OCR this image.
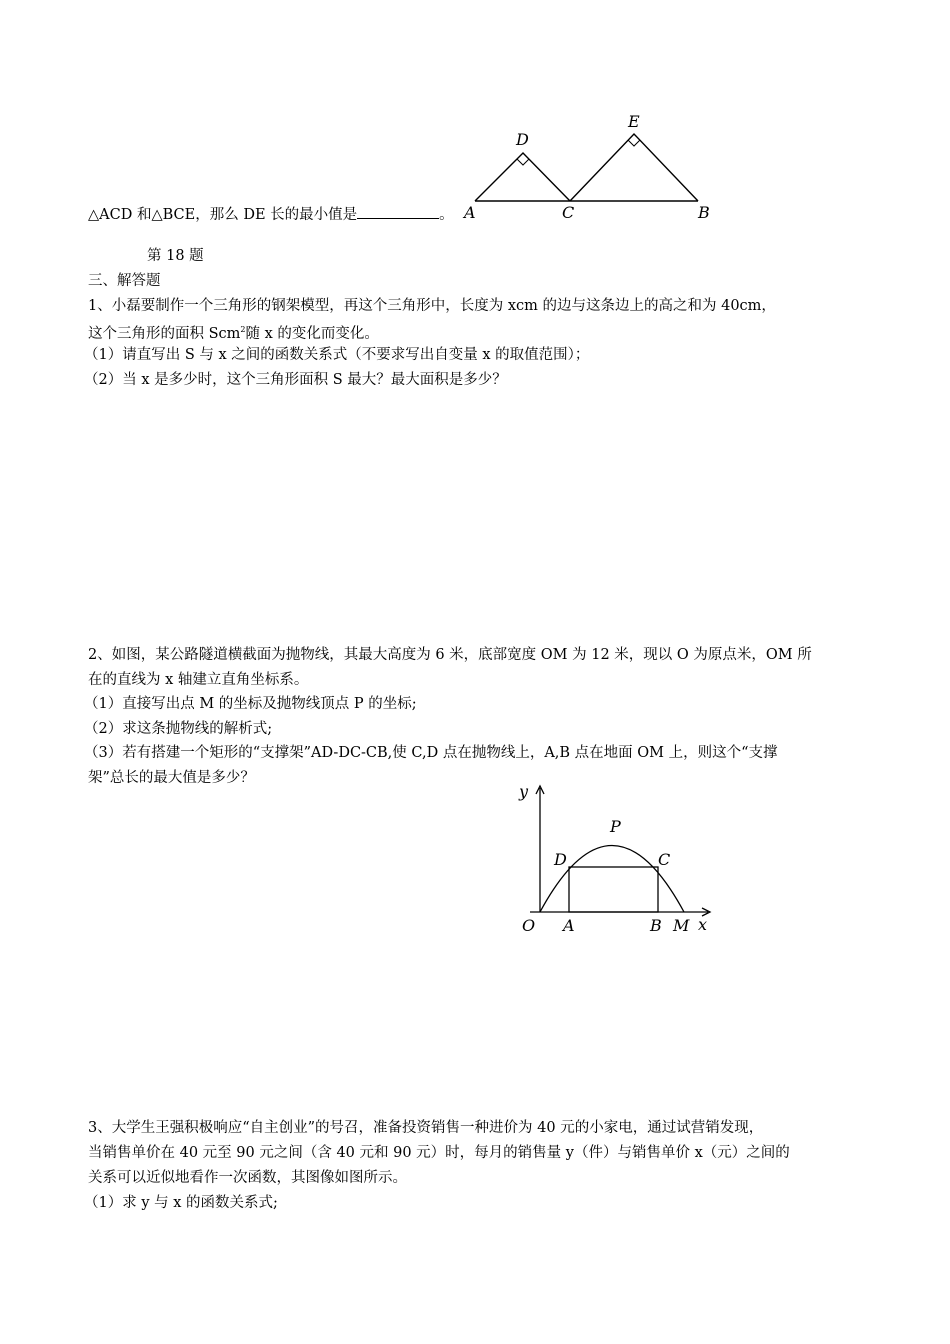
△ACD 和△BCE，那么 DE 长的最小值是	。 A	C	B
D
E
第 18 题
三、解答题
1、小磊要制作一个三角形的钢架模型，再这个三角形中，长度为 xcm 的边与这条边上的高之和为 40cm，
这个三角形的面积 Scm$^2$随 x 的变化而变化。
（1）请直写出 S 与 x 之间的函数关系式（不要求写出自变量 x 的取值范围）；
（2）当 x 是多少时，这个三角形面积 S 最大？最大面积是多少？
2、如图，某公路隧道横截面为抛物线，其最大高度为 6 米，底部宽度 OM 为 12 米，现以 O 为原点米，OM 所
在的直线为 x 轴建立直角坐标系。
（1）直接写出点 M 的坐标及抛物线顶点 P 的坐标;
（2）求这条抛物线的解析式;
（3）若有搭建一个矩形的“支撑架”AD-DC-CB,使 C,D 点在抛物线上，A,B 点在地面 OM 上，则这个“支撑
架”总长的最大值是多少？
y
x
O A	B M
D	C
P
3、大学生王强积极响应“自主创业”的号召，准备投资销售一种进价为 40 元的小家电，通过试营销发现，
当销售单价在 40 元至 90 元之间（含 40 元和 90 元）时，每月的销售量 y（件）与销售单价 x（元）之间的
关系可以近似地看作一次函数，其图像如图所示。
（1）求 y 与 x 的函数关系式;
